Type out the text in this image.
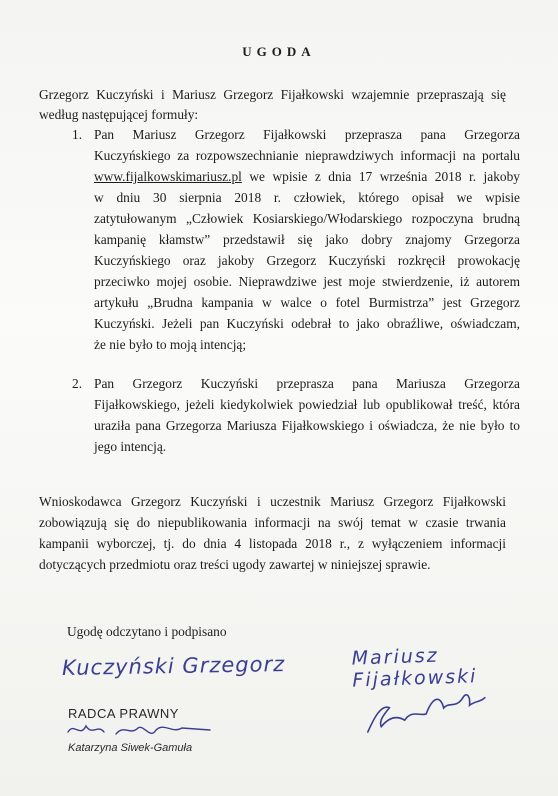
UGODA

Grzegorz Kuczyński i Mariusz Grzegorz Fijałkowski wzajemnie przepraszają się
według następującej formuły:

1. Pan Mariusz Grzegorz Fijałkowski przeprasza pana Grzegorza
Kuczyńskiego za rozpowszechnianie nieprawdziwych informacji na portalu
www.fijalkowskimariusz.pl we wpisie z dnia 17 września 2018 r. jakoby
w dniu 30 sierpnia 2018 r. człowiek, którego opisał we wpisie
zatytułowanym „Człowiek Kosiarskiego/Włodarskiego rozpoczyna brudną
kampanię kłamstw” przedstawił się jako dobry znajomy Grzegorza
Kuczyńskiego oraz jakoby Grzegorz Kuczyński rozkręcił prowokację
przeciwko mojej osobie. Nieprawdziwe jest moje stwierdzenie, iż autorem
artykułu „Brudna kampania w walce o fotel Burmistrza” jest Grzegorz
Kuczyński. Jeżeli pan Kuczyński odebrał to jako obraźliwe, oświadczam,
że nie było to moją intencją;
2. Pan Grzegorz Kuczyński przeprasza pana Mariusza Grzegorza
Fijałkowskiego, jeżeli kiedykolwiek powiedział lub opublikował treść, która
uraziła pana Grzegorza Mariusza Fijałkowskiego i oświadcza, że nie było to
jego intencją.

Wnioskodawca Grzegorz Kuczyński i uczestnik Mariusz Grzegorz Fijałkowski
zobowiązują się do niepublikowania informacji na swój temat w czasie trwania
kampanii wyborczej, tj. do dnia 4 listopada 2018 r., z wyłączeniem informacji
dotyczących przedmiotu oraz treści ugody zawartej w niniejszej sprawie.

Ugodę odczytano i podpisano

Kuczyński Grzegorz	Mariusz Fijałkowski
RADCA PRAWNY
Katarzyna Siwek-Gamuła
